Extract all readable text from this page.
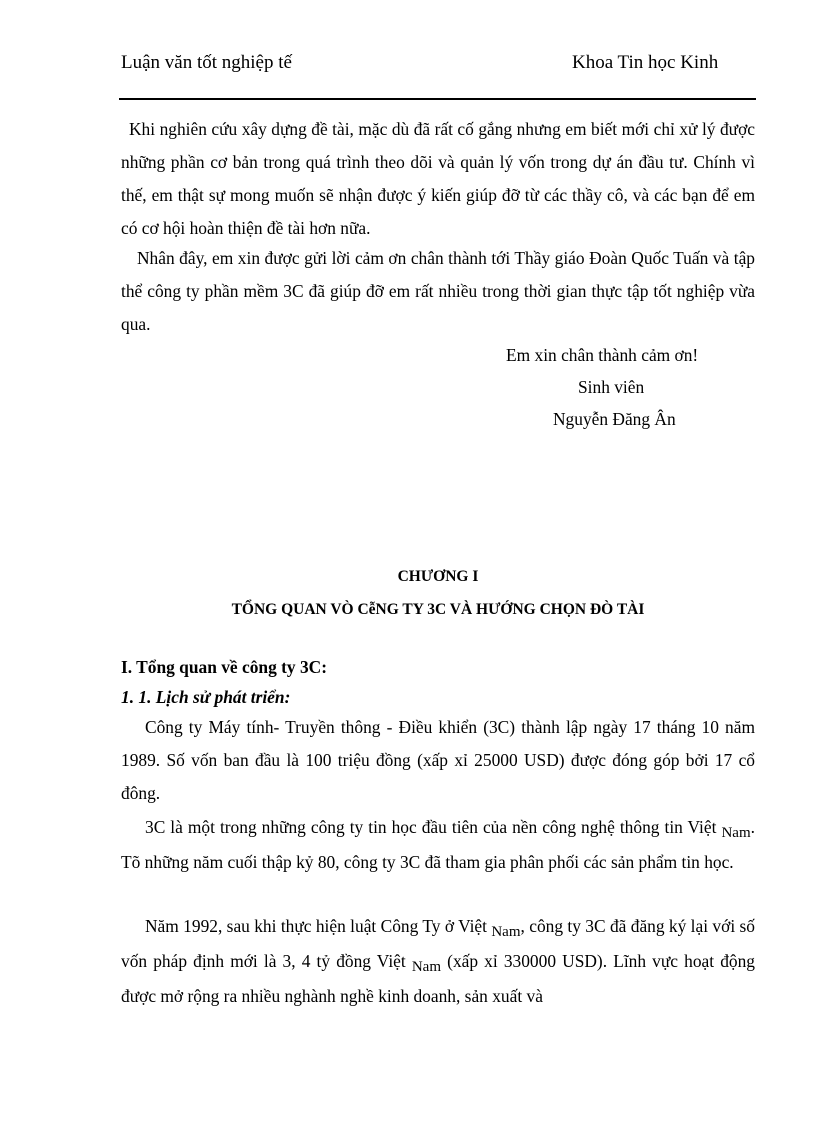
Luận văn tốt nghiệp tế	Khoa Tin học Kinh

Khi nghiên cứu xây dựng đề tài, mặc dù đã rất cố gắng nhưng em biết mới chỉ xử lý được những phần cơ bản trong quá trình theo dõi và quản lý vốn trong dự án đầu tư. Chính vì thế, em thật sự mong muốn sẽ nhận được ý kiến giúp đỡ từ các thầy cô, và các bạn để em có cơ hội hoàn thiện đề tài hơn nữa.

Nhân đây, em xin được gửi lời cảm ơn chân thành tới Thầy giáo Đoàn Quốc Tuấn và tập thể công ty phần mềm 3C đã giúp đỡ em rất nhiều trong thời gian thực tập tốt nghiệp vừa qua.

Em xin chân thành cảm ơn!
Sinh viên
Nguyễn Đăng Ân
CHƯƠNG I
TỔNG QUAN VÒ CễNG TY 3C VÀ HƯỚNG CHỌN ĐÒ TÀI
I. Tổng quan về công ty 3C:
1. 1. Lịch sử phát triển:

Công ty Máy tính- Truyền thông - Điều khiển (3C) thành lập ngày 17 tháng 10 năm 1989. Số vốn ban đầu là 100 triệu đồng (xấp xỉ 25000 USD) được đóng góp bởi 17 cổ đông.

3C là một trong những công ty tin học đầu tiên của nền công nghệ thông tin Việt Nam. Tõ những năm cuối thập kỷ 80, công ty 3C đã tham gia phân phối các sản phẩm tin học.

Năm 1992, sau khi thực hiện luật Công Ty ở Việt Nam, công ty 3C đã đăng ký lại với số vốn pháp định mới là 3, 4 tỷ đồng Việt Nam (xấp xỉ 330000 USD). Lĩnh vực hoạt động được mở rộng ra nhiều nghành nghề kinh doanh, sản xuất và
